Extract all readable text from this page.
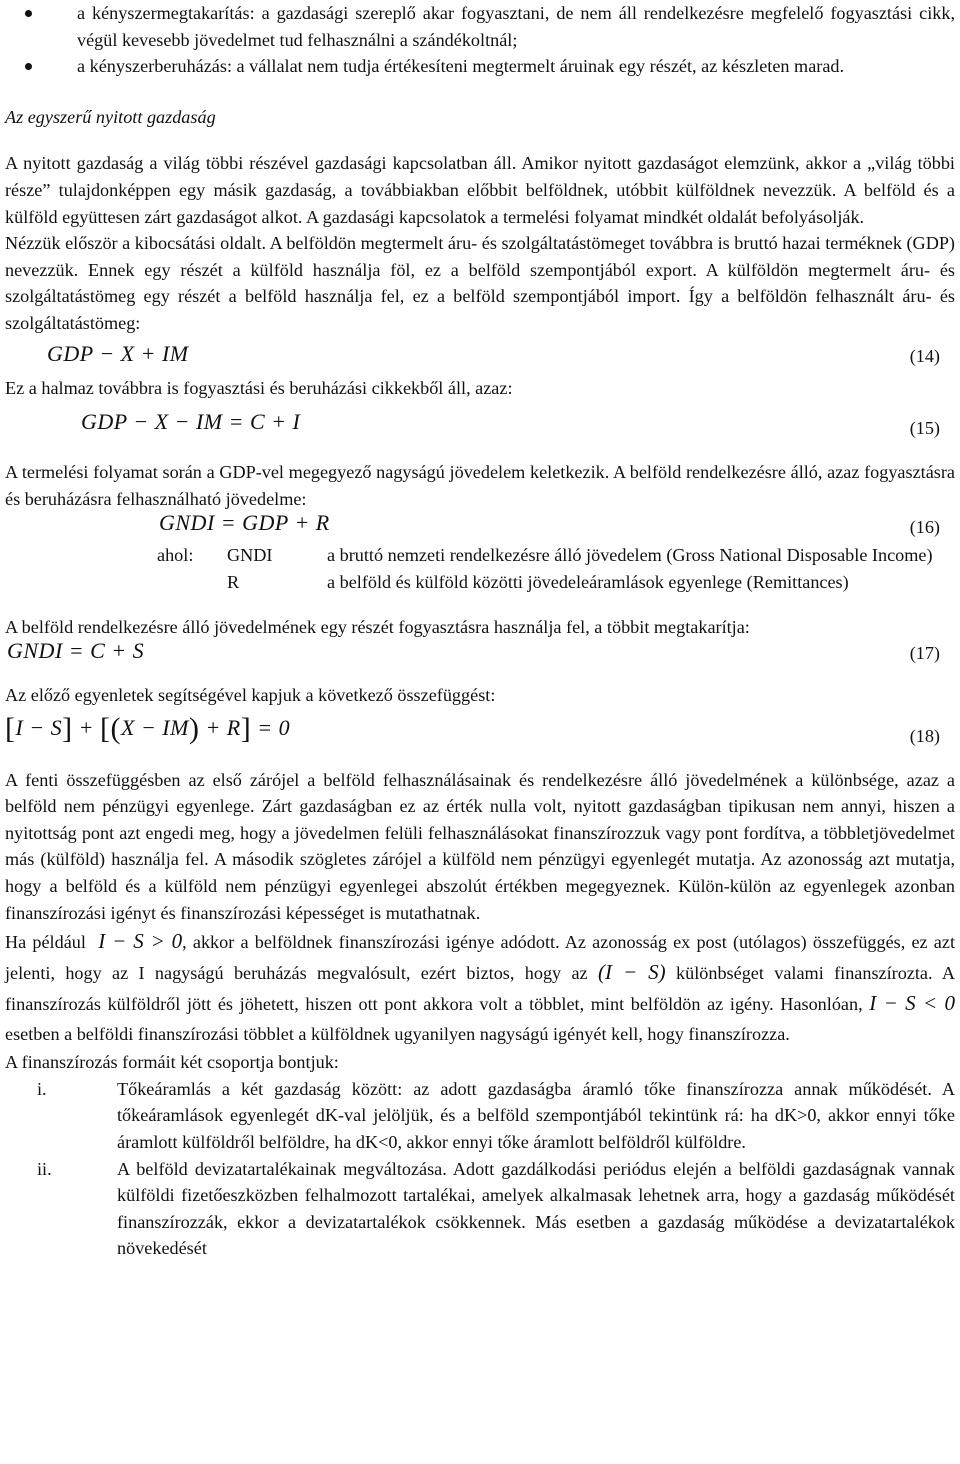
a kényszermegtakarítás: a gazdasági szereplő akar fogyasztani, de nem áll rendelkezésre megfelelő fogyasztási cikk, végül kevesebb jövedelmet tud felhasználni a szándékoltnál;
a kényszerberuházás: a vállalat nem tudja értékesíteni megtermelt áruinak egy részét, az készleten marad.

Az egyszerű nyitott gazdaság

A nyitott gazdaság a világ többi részével gazdasági kapcsolatban áll. Amikor nyitott gazdaságot elemzünk, akkor a „világ többi része” tulajdonképpen egy másik gazdaság, a továbbiakban előbbit belföldnek, utóbbit külföldnek nevezzük. A belföld és a külföld együttesen zárt gazdaságot alkot. A gazdasági kapcsolatok a termelési folyamat mindkét oldalát befolyásolják.

Nézzük először a kibocsátási oldalt. A belföldön megtermelt áru- és szolgáltatástömeget továbbra is bruttó hazai terméknek (GDP) nevezzük. Ennek egy részét a külföld használja föl, ez a belföld szempontjából export. A külföldön megtermelt áru- és szolgáltatástömeg egy részét a belföld használja fel, ez a belföld szempontjából import. Így a belföldön felhasznált áru- és szolgáltatástömeg:

GDP − X + IM	(14)

Ez a halmaz továbbra is fogyasztási és beruházási cikkekből áll, azaz:

GDP − X − IM = C + I	(15)

A termelési folyamat során a GDP-vel megegyező nagyságú jövedelem keletkezik. A belföld rendelkezésre álló, azaz fogyasztásra és beruházásra felhasználható jövedelme:

GNDI = GDP + R	(16)
ahol:	GNDI	a bruttó nemzeti rendelkezésre álló jövedelem (Gross National Disposable Income)
R	a belföld és külföld közötti jövedeleáramlások egyenlege (Remittances)

A belföld rendelkezésre álló jövedelmének egy részét fogyasztásra használja fel, a többit megtakarítja:

GNDI = C + S	(17)

Az előző egyenletek segítségével kapjuk a következő összefüggést:

[I − S] + [(X − IM) + R] = 0	(18)

A fenti összefüggésben az első zárójel a belföld felhasználásainak és rendelkezésre álló jövedelmének a különbsége, azaz a belföld nem pénzügyi egyenlege. Zárt gazdaságban ez az érték nulla volt, nyitott gazdaságban tipikusan nem annyi, hiszen a nyitottság pont azt engedi meg, hogy a jövedelmen felüli felhasználásokat finanszírozzuk vagy pont fordítva, a többletjövedelmet más (külföld) használja fel. A második szögletes zárójel a külföld nem pénzügyi egyenlegét mutatja. Az azonosság azt mutatja, hogy a belföld és a külföld nem pénzügyi egyenlegei abszolút értékben megegyeznek. Külön-külön az egyenlegek azonban finanszírozási igényt és finanszírozási képességet is mutathatnak.

Ha például I − S > 0, akkor a belföldnek finanszírozási igénye adódott. Az azonosság ex post (utólagos) összefüggés, ez azt jelenti, hogy az I nagyságú beruházás megvalósult, ezért biztos, hogy az (I − S) különbséget valami finanszírozta. A finanszírozás külföldről jött és jöhetett, hiszen ott pont akkora volt a többlet, mint belföldön az igény. Hasonlóan, I − S < 0 esetben a belföldi finanszírozási többlet a külföldnek ugyanilyen nagyságú igényét kell, hogy finanszírozza.

A finanszírozás formáit két csoportja bontjuk:

i.	Tőkeáramlás a két gazdaság között: az adott gazdaságba áramló tőke finanszírozza annak működését. A tőkeáramlások egyenlegét dK-val jelöljük, és a belföld szempontjából tekintünk rá: ha dK>0, akkor ennyi tőke áramlott külföldről belföldre, ha dK<0, akkor ennyi tőke áramlott belföldről külföldre.
ii.	A belföld devizatartalékainak megváltozása. Adott gazdálkodási periódus elején a belföldi gazdaságnak vannak külföldi fizetőeszközben felhalmozott tartalékai, amelyek alkalmasak lehetnek arra, hogy a gazdaság működését finanszírozzák, ekkor a devizatartalékok csökkennek. Más esetben a gazdaság működése a devizatartalékok növekedését
